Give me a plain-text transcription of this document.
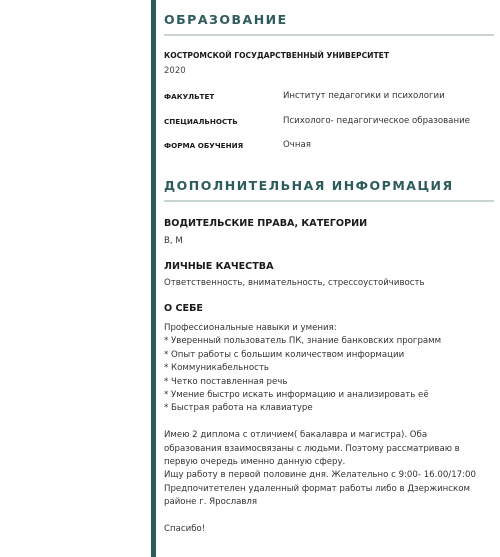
ОБРАЗОВАНИЕ
КОСТРОМСКОЙ ГОСУДАРСТВЕННЫЙ УНИВЕРСИТЕТ
2020
ФАКУЛЬТЕТ	Институт педагогики и психологии
СПЕЦИАЛЬНОСТЬ	Психолого- педагогическое образование
ФОРМА ОБУЧЕНИЯ	Очная
ДОПОЛНИТЕЛЬНАЯ ИНФОРМАЦИЯ
ВОДИТЕЛЬСКИЕ ПРАВА, КАТЕГОРИИ
B, M
ЛИЧНЫЕ КАЧЕСТВА
Ответственность, внимательность, стрессоустойчивость
О СЕБЕ
Профессиональные навыки и умения:
* Уверенный пользователь ПК, знание банковских программ
* Опыт работы с большим количеством информации
* Коммуникабельность
* Четко поставленная речь
* Умение быстро искать информацию и анализировать её
* Быстрая работа на клавиатуре
Имею 2 диплома с отличием( бакалавра и магистра). Оба
образования взаимосвязаны с людьми. Поэтому рассматриваю в
первую очередь именно данную сферу.
Ищу работу в первой половине дня. Желательно с 9:00- 16.00/17:00
Предпочитетелен удаленный формат работы либо в Дзержинском
районе г. Ярославля
Спасибо!
